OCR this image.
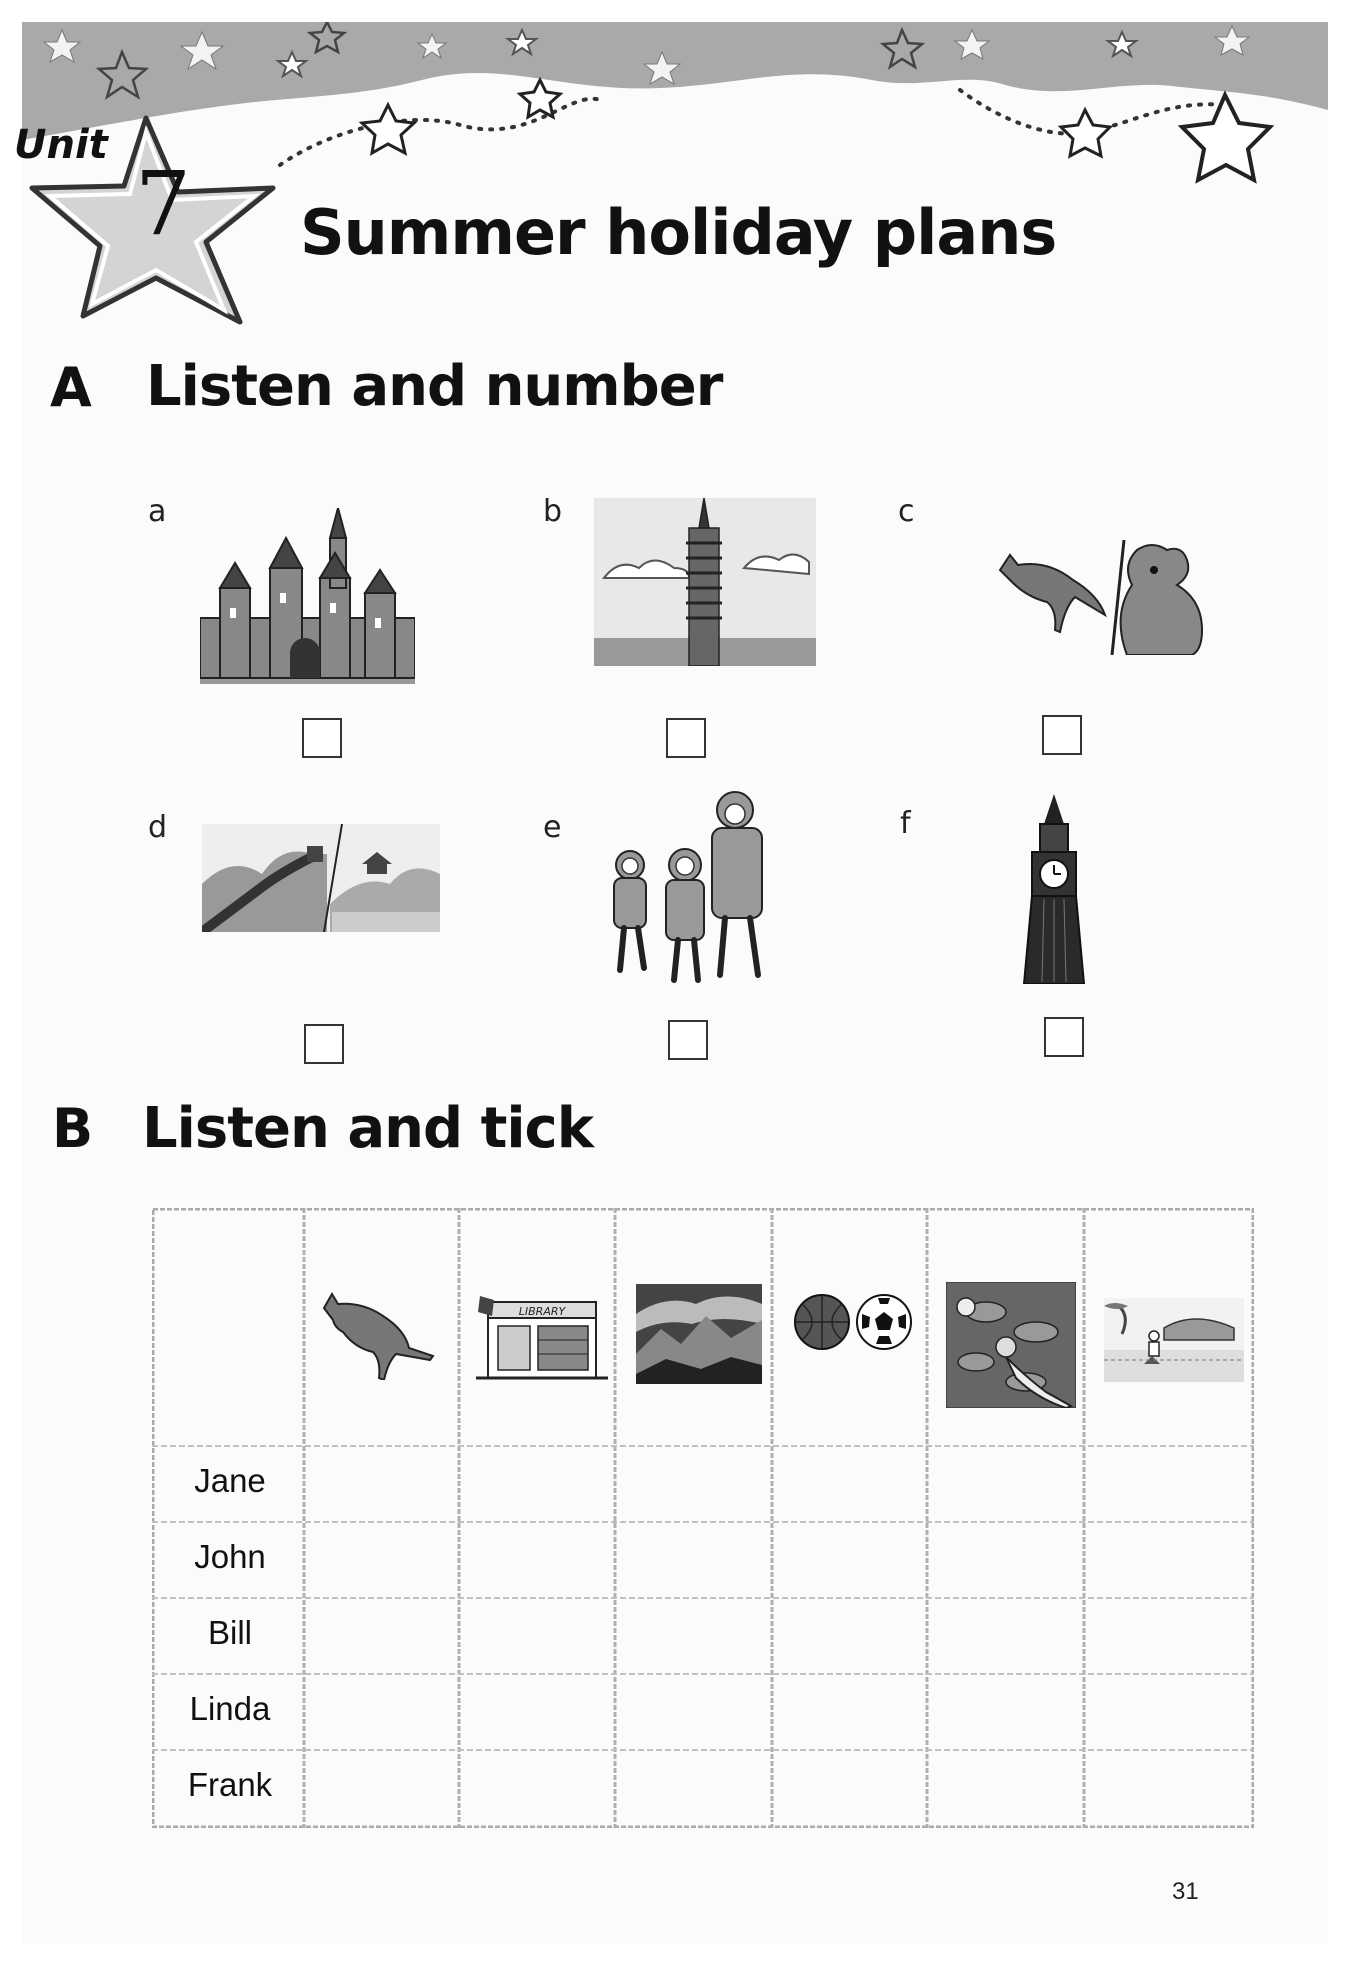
Unit
7 Summer holiday plans
A Listen and number
a	b	c
d	e	f
B Listen and tick
LIBRARY
Jane
John
Bill
Linda
Frank
31
